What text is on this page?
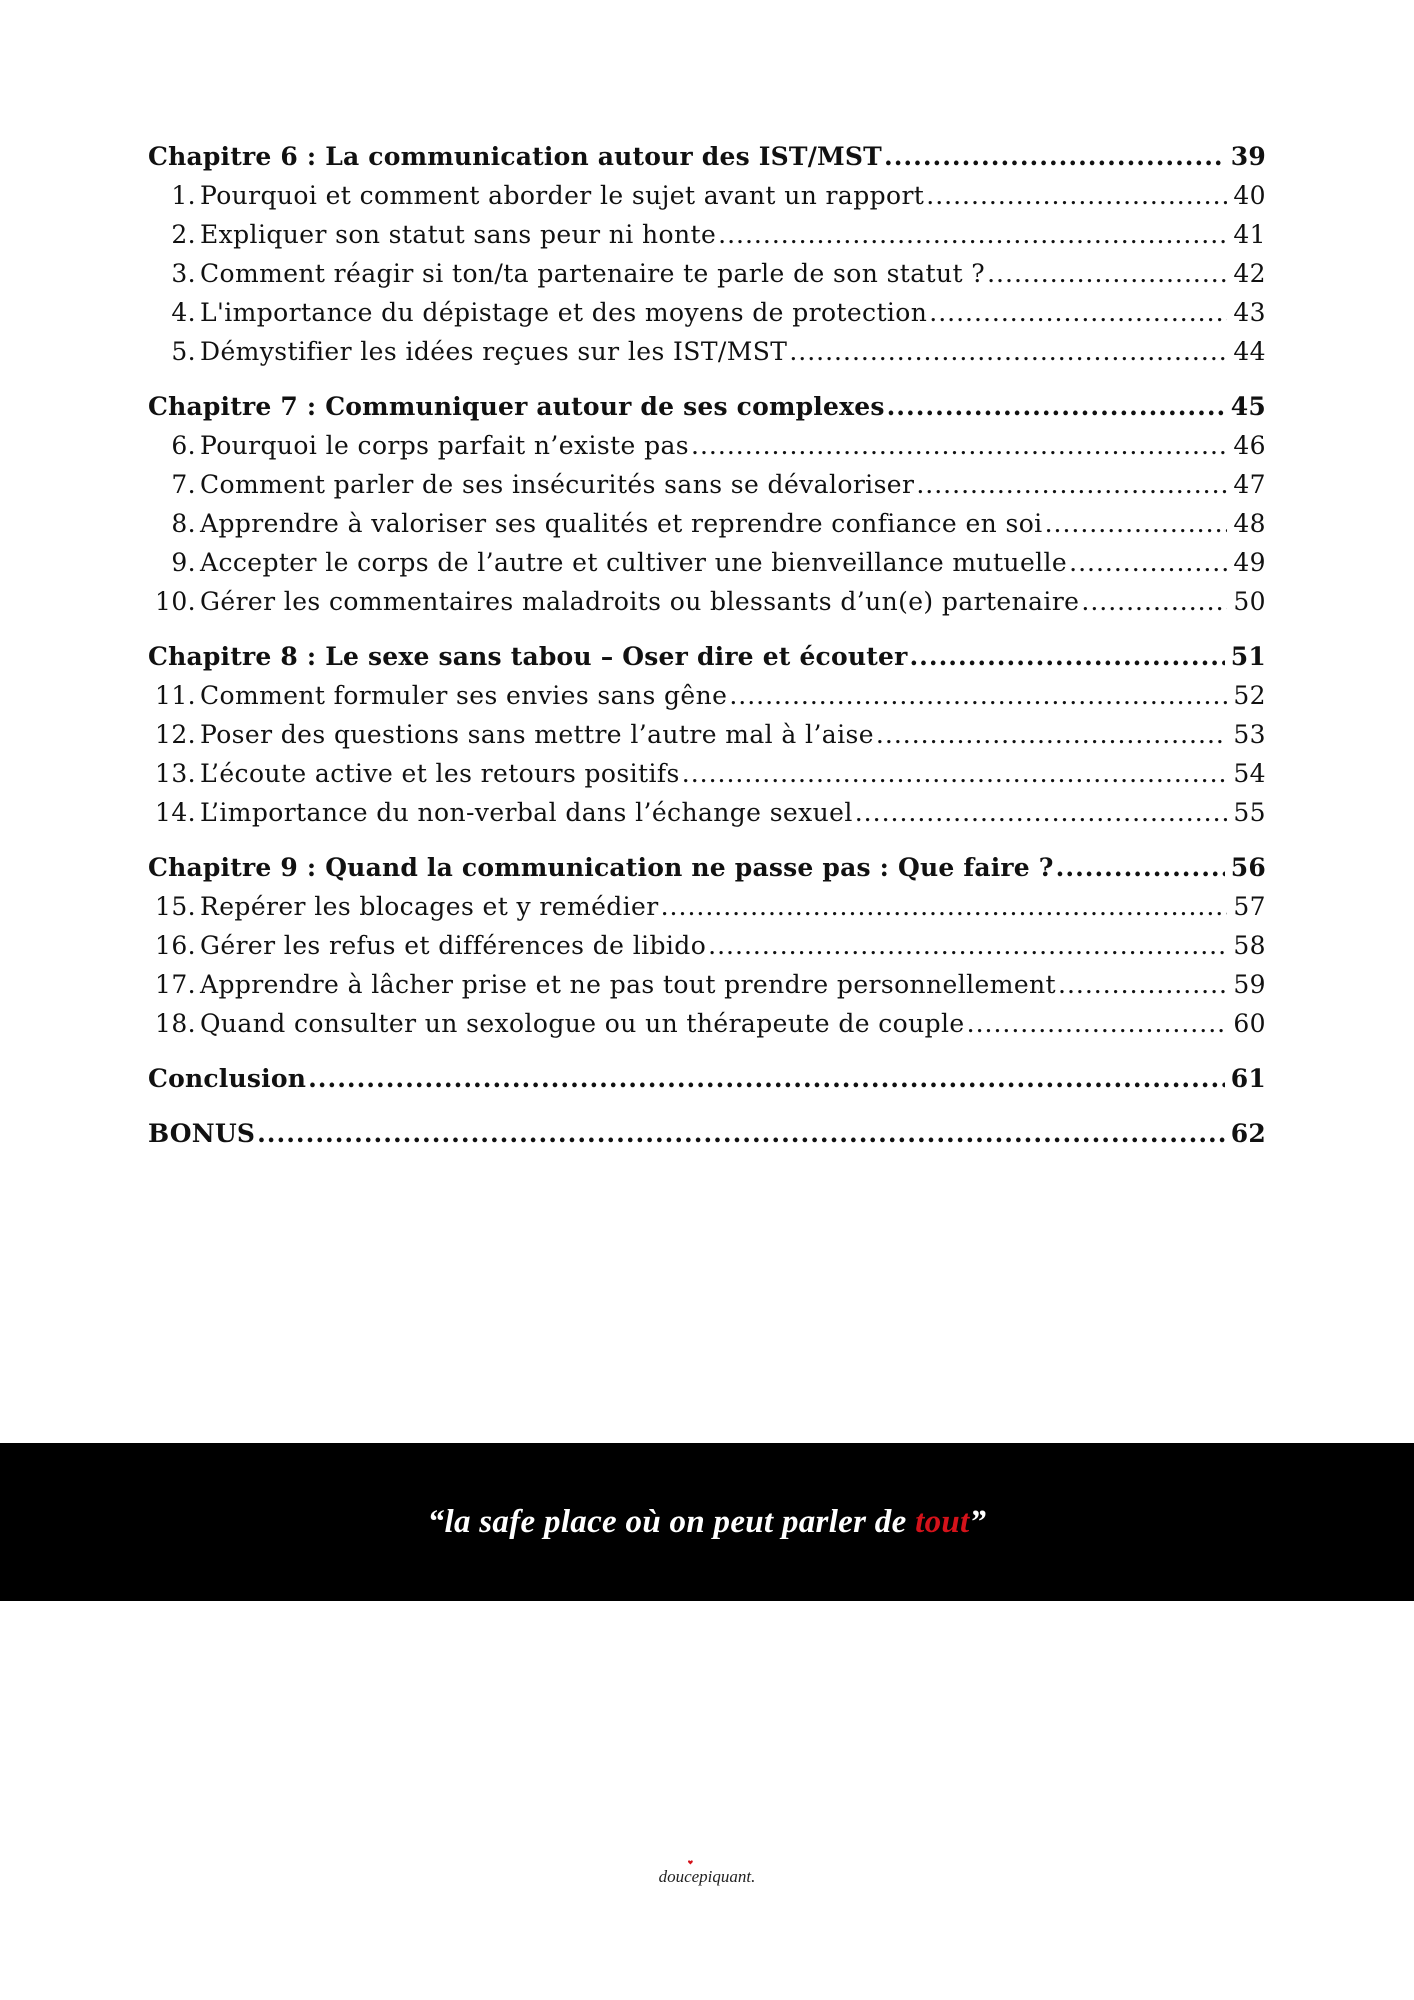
Chapitre 6 : La communication autour des IST/MST .....	39
1. Pourquoi et comment aborder le sujet avant un rapport .....	40
2. Expliquer son statut sans peur ni honte .....	41
3. Comment réagir si ton/ta partenaire te parle de son statut ? .....	42
4. L'importance du dépistage et des moyens de protection .....	43
5. Démystifier les idées reçues sur les IST/MST .....	44
Chapitre 7 : Communiquer autour de ses complexes .....	45
6. Pourquoi le corps parfait n’existe pas .....	46
7. Comment parler de ses insécurités sans se dévaloriser .....	47
8. Apprendre à valoriser ses qualités et reprendre confiance en soi .....	48
9. Accepter le corps de l’autre et cultiver une bienveillance mutuelle .....	49
10. Gérer les commentaires maladroits ou blessants d’un(e) partenaire .....	50
Chapitre 8 : Le sexe sans tabou – Oser dire et écouter .....	51
11. Comment formuler ses envies sans gêne .....	52
12. Poser des questions sans mettre l’autre mal à l’aise .....	53
13. L’écoute active et les retours positifs .....	54
14. L’importance du non-verbal dans l’échange sexuel .....	55
Chapitre 9 : Quand la communication ne passe pas : Que faire ? .....	56
15. Repérer les blocages et y remédier .....	57
16. Gérer les refus et différences de libido .....	58
17. Apprendre à lâcher prise et ne pas tout prendre personnellement .....	59
18. Quand consulter un sexologue ou un thérapeute de couple .....	60
Conclusion .....	61
BONUS .....	62
“la safe place où on peut parler de tout”
doucepiquant.
